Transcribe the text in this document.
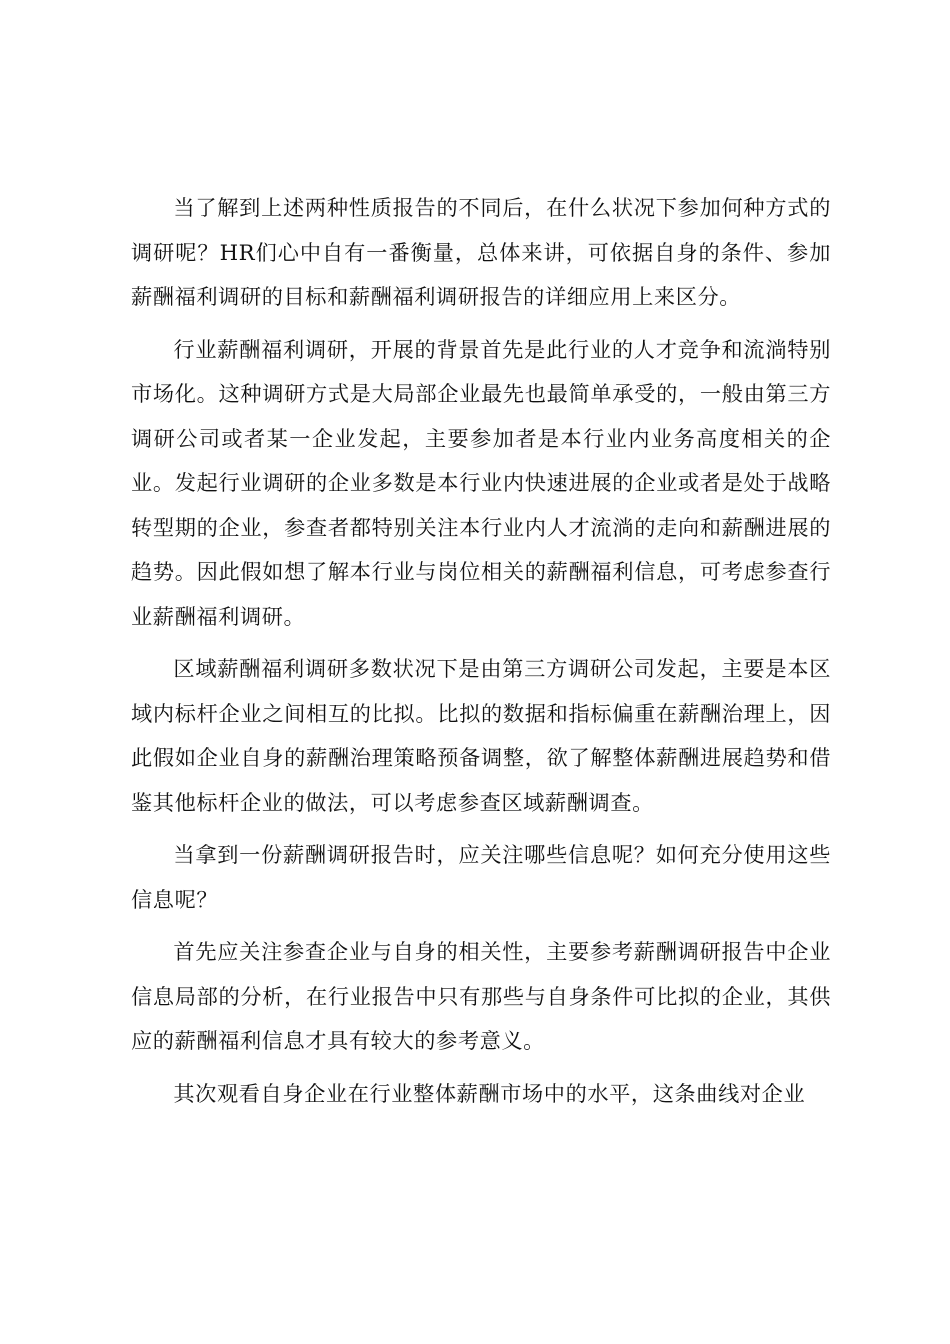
当了解到上述两种性质报告的不同后，在什么状况下参加何种方式的调研呢？HR们心中自有一番衡量，总体来讲，可依据自身的条件、参加薪酬福利调研的目标和薪酬福利调研报告的详细应用上来区分。

行业薪酬福利调研，开展的背景首先是此行业的人才竞争和流淌特别市场化。这种调研方式是大局部企业最先也最简单承受的，一般由第三方调研公司或者某一企业发起，主要参加者是本行业内业务高度相关的企业。发起行业调研的企业多数是本行业内快速进展的企业或者是处于战略转型期的企业，参查者都特别关注本行业内人才流淌的走向和薪酬进展的趋势。因此假如想了解本行业与岗位相关的薪酬福利信息，可考虑参查行业薪酬福利调研。

区域薪酬福利调研多数状况下是由第三方调研公司发起，主要是本区域内标杆企业之间相互的比拟。比拟的数据和指标偏重在薪酬治理上，因此假如企业自身的薪酬治理策略预备调整，欲了解整体薪酬进展趋势和借鉴其他标杆企业的做法，可以考虑参查区域薪酬调查。

当拿到一份薪酬调研报告时，应关注哪些信息呢？如何充分使用这些信息呢？

首先应关注参查企业与自身的相关性，主要参考薪酬调研报告中企业信息局部的分析，在行业报告中只有那些与自身条件可比拟的企业，其供应的薪酬福利信息才具有较大的参考意义。

其次观看自身企业在行业整体薪酬市场中的水平，这条曲线对企业
